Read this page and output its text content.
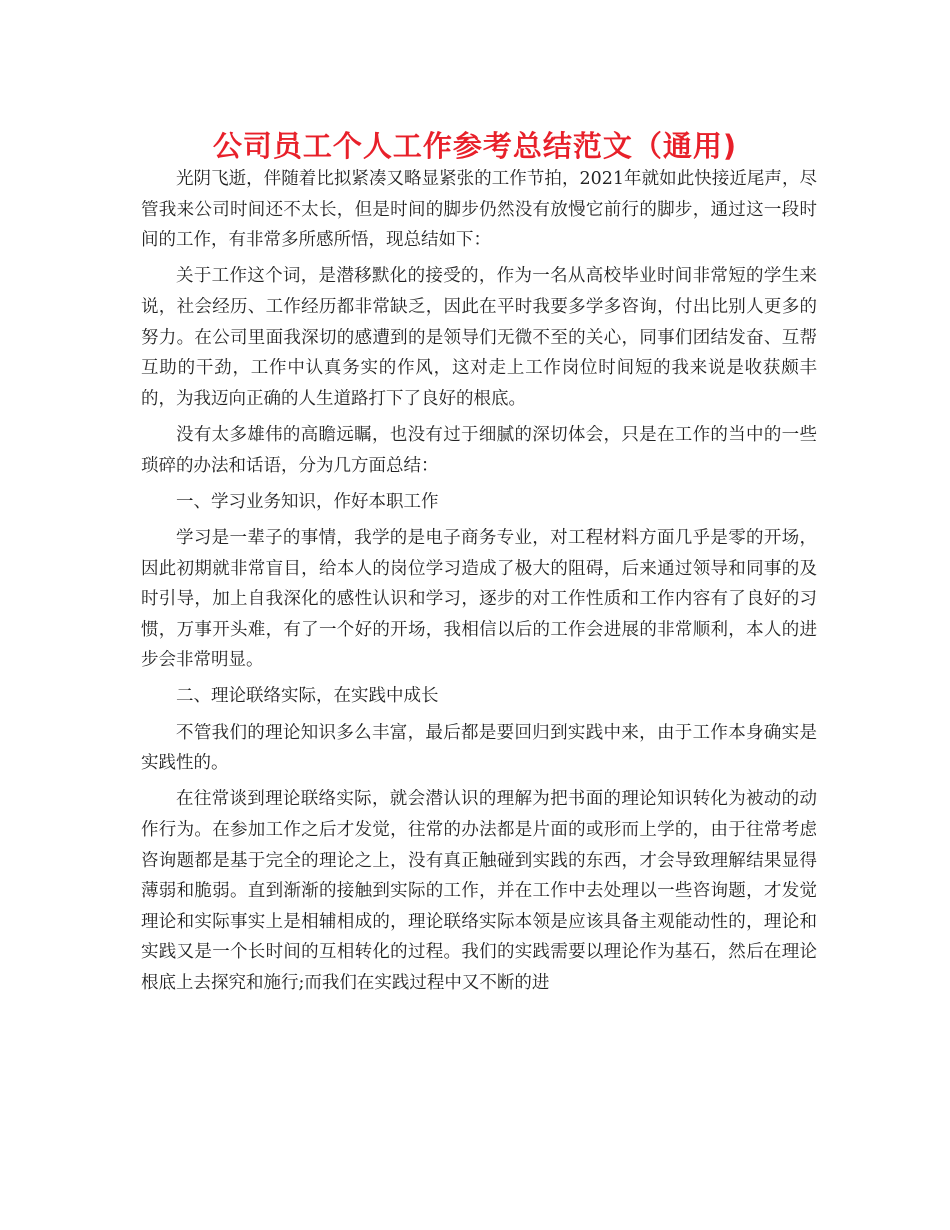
公司员工个人工作参考总结范文（通用)

光阴飞逝，伴随着比拟紧凑又略显紧张的工作节拍，2021年就如此快接近尾声，尽管我来公司时间还不太长，但是时间的脚步仍然没有放慢它前行的脚步，通过这一段时间的工作，有非常多所感所悟，现总结如下：

关于工作这个词，是潜移默化的接受的，作为一名从高校毕业时间非常短的学生来说，社会经历、工作经历都非常缺乏，因此在平时我要多学多咨询，付出比别人更多的努力。在公司里面我深切的感遭到的是领导们无微不至的关心，同事们团结发奋、互帮互助的干劲，工作中认真务实的作风，这对走上工作岗位时间短的我来说是收获颇丰的，为我迈向正确的人生道路打下了良好的根底。

没有太多雄伟的高瞻远瞩，也没有过于细腻的深切体会，只是在工作的当中的一些琐碎的办法和话语，分为几方面总结：

一、学习业务知识，作好本职工作

学习是一辈子的事情，我学的是电子商务专业，对工程材料方面几乎是零的开场，因此初期就非常盲目，给本人的岗位学习造成了极大的阻碍，后来通过领导和同事的及时引导，加上自我深化的感性认识和学习，逐步的对工作性质和工作内容有了良好的习惯，万事开头难，有了一个好的开场，我相信以后的工作会进展的非常顺利，本人的进步会非常明显。

二、理论联络实际，在实践中成长

不管我们的理论知识多么丰富，最后都是要回归到实践中来，由于工作本身确实是实践性的。

在往常谈到理论联络实际，就会潜认识的理解为把书面的理论知识转化为被动的动作行为。在参加工作之后才发觉，往常的办法都是片面的或形而上学的，由于往常考虑咨询题都是基于完全的理论之上，没有真正触碰到实践的东西，才会导致理解结果显得薄弱和脆弱。直到渐渐的接触到实际的工作，并在工作中去处理以一些咨询题，才发觉理论和实际事实上是相辅相成的，理论联络实际本领是应该具备主观能动性的，理论和实践又是一个长时间的互相转化的过程。我们的实践需要以理论作为基石，然后在理论根底上去探究和施行;而我们在实践过程中又不断的进
